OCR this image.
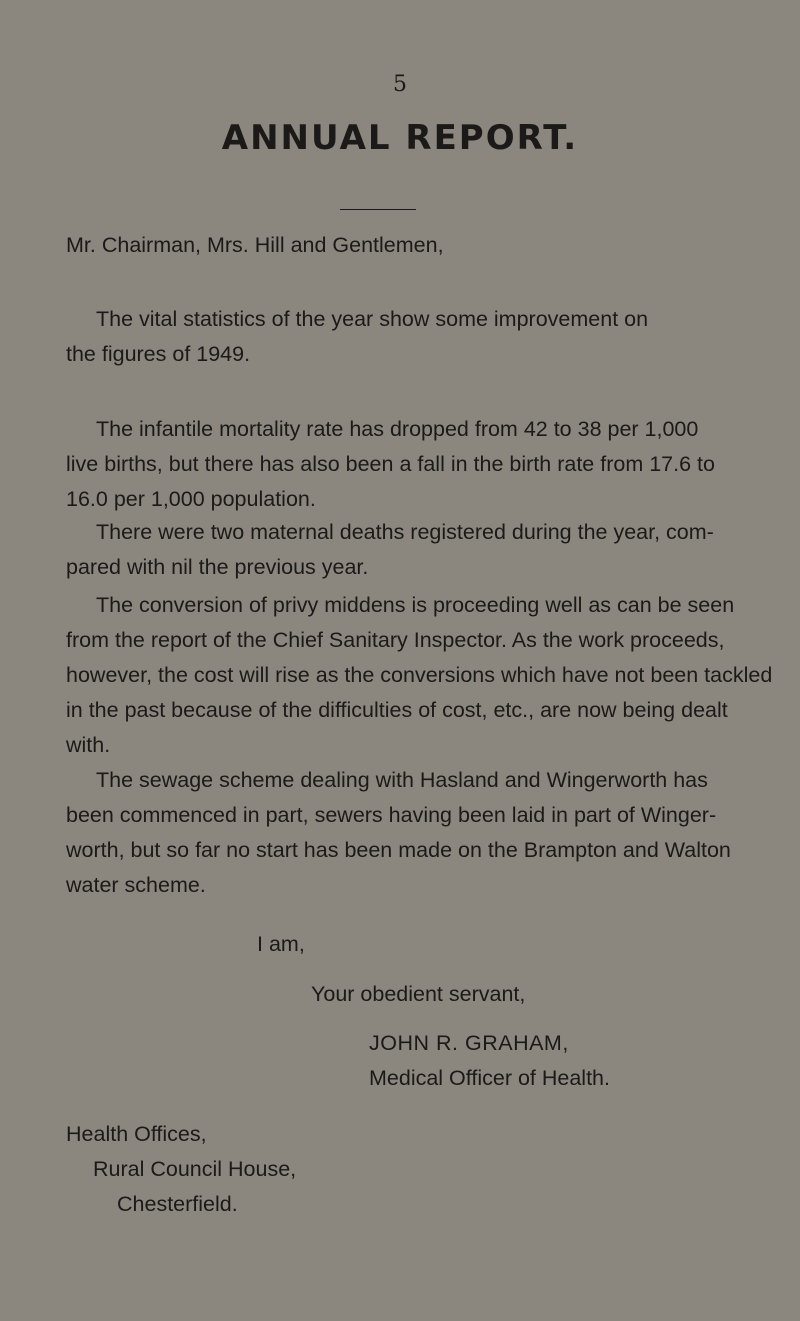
5
ANNUAL REPORT.
Mr. Chairman, Mrs. Hill and Gentlemen,
The vital statistics of the year show some improvement on
the figures of 1949.
The infantile mortality rate has dropped from 42 to 38 per 1,000
live births, but there has also been a fall in the birth rate from 17.6 to
16.0 per 1,000 population.
There were two maternal deaths registered during the year, com-
pared with nil the previous year.
The conversion of privy middens is proceeding well as can be seen
from the report of the Chief Sanitary Inspector. As the work proceeds,
however, the cost will rise as the conversions which have not been tackled
in the past because of the difficulties of cost, etc., are now being dealt
with.
The sewage scheme dealing with Hasland and Wingerworth has
been commenced in part, sewers having been laid in part of Winger-
worth, but so far no start has been made on the Brampton and Walton
water scheme.
I am,
Your obedient servant,
JOHN R. GRAHAM,
Medical Officer of Health.
Health Offices,
Rural Council House,
Chesterfield.
